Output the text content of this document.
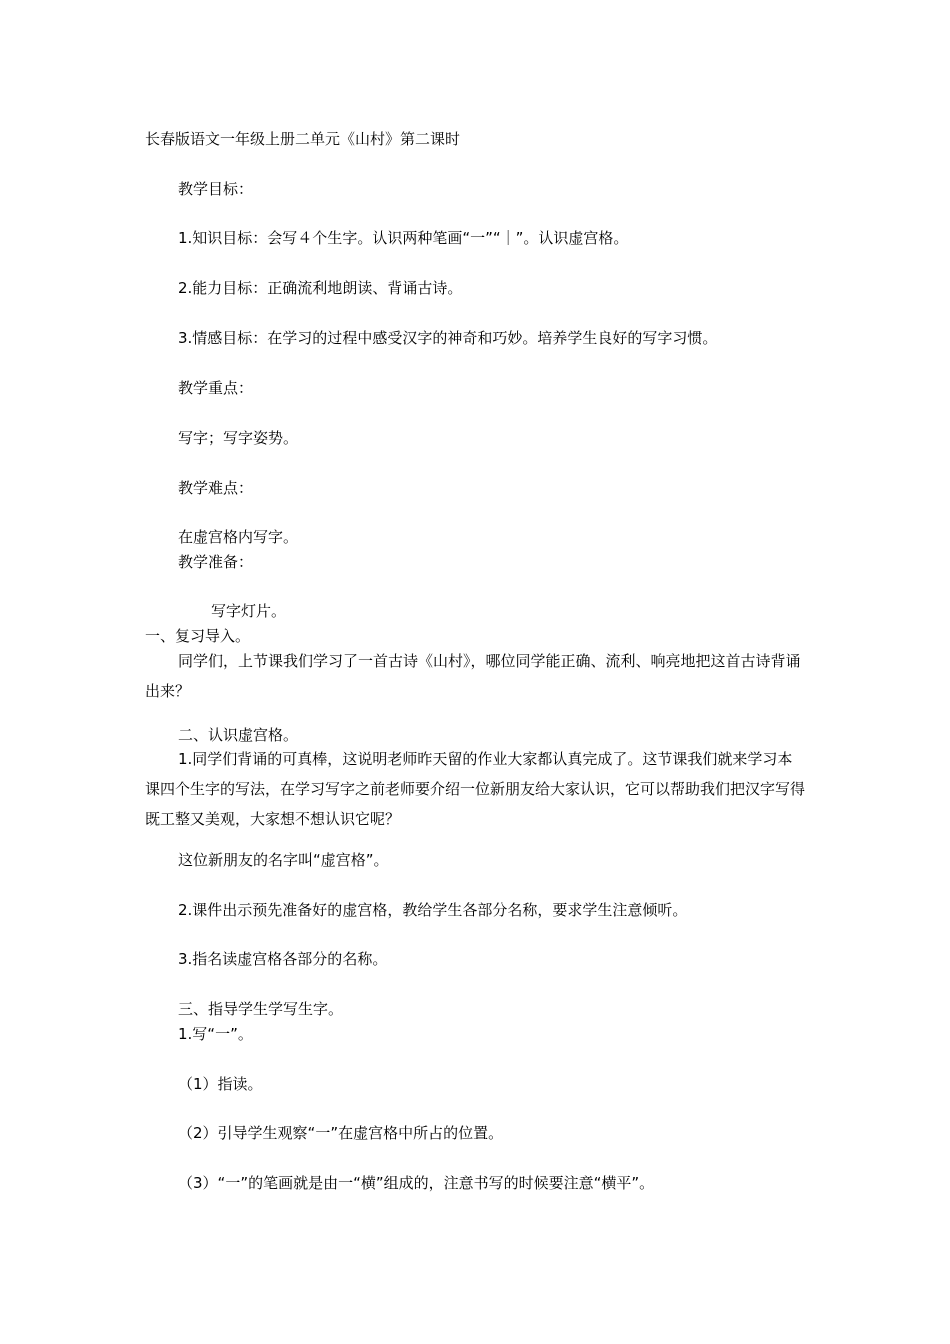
长春版语文一年级上册二单元《山村》第二课时
教学目标：
1.知识目标：会写４个生字。认识两种笔画“一”“｜”。认识虚宫格。
2.能力目标：正确流利地朗读、背诵古诗。
3.情感目标：在学习的过程中感受汉字的神奇和巧妙。培养学生良好的写字习惯。
教学重点：
写字；写字姿势。
教学难点：
在虚宫格内写字。
教学准备：
写字灯片。
一、复习导入。
同学们，上节课我们学习了一首古诗《山村》，哪位同学能正确、流利、响亮地把这首古诗背诵出来？
二、认识虚宫格。
1.同学们背诵的可真棒，这说明老师昨天留的作业大家都认真完成了。这节课我们就来学习本课四个生字的写法，在学习写字之前老师要介绍一位新朋友给大家认识，它可以帮助我们把汉字写得既工整又美观，大家想不想认识它呢？
这位新朋友的名字叫“虚宫格”。
2.课件出示预先准备好的虚宫格，教给学生各部分名称，要求学生注意倾听。
3.指名读虚宫格各部分的名称。
三、指导学生学写生字。
1.写“一”。
（1）指读。
（2）引导学生观察“一”在虚宫格中所占的位置。
（3）“一”的笔画就是由一“横”组成的，注意书写的时候要注意“横平”。
